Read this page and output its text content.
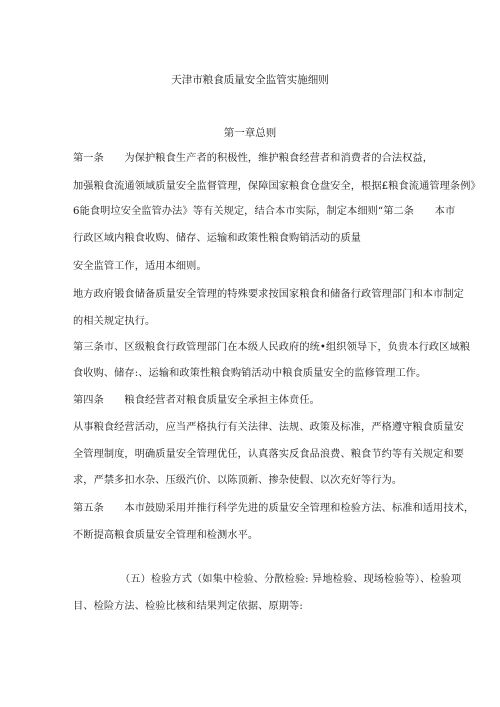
天津市粮食质量安全监管实施细则
第一章总则
第一条　　为保护粮食生产者的积极性，维护粮食经营者和消费者的合法权益，
加强粮食流通领域质量安全监督管理，保障国家粮食仓盘安全，根据£粮食流通管理条例》
6能食明垃安全监管办法》等有关规定，结合本市实际，制定本细则“第二条　　本市
行政区域内粮食收购、储存、运输和政策性粮食购销活动的质量
安全监管工作，适用本细则。
地方政府锻食储备质量安全管理的特殊要求按国家粮食和储备行政管理部门和本市制定
的相关规定执行。
第三条市、区级粮食行政管理部门在本级人民政府的统•组织领导下，负贵本行政区域粮
食收购、储存:、运输和政策性粮食购销活动中粮食质量安全的监修管理工作。
第四条　　粮食经营者对粮食质量安全承担主体贲任。
从事粮食经营活动，应当严格执行有关法律、法规、政策及标准，严格遵守粮食质量安
全管理制度，明确质量安全管理优任，认真落实反食品浪费、粮食节约等有关规定和要
求，严禁多扣水杂、压级汽价、以陈顶新、掺杂使假、以次充好等行为。
第五条　　本市鼓励采用并推行科学先进的质量安全管理和检验方法、标准和适用技术，
不断提高粮食质量安全管理和检测水平。
（五）检验方式（如集中检验、分散检验: 异地检验、现场检验等）、检验项
目、检险方法、检验比核和结果判定依据、原期等:
